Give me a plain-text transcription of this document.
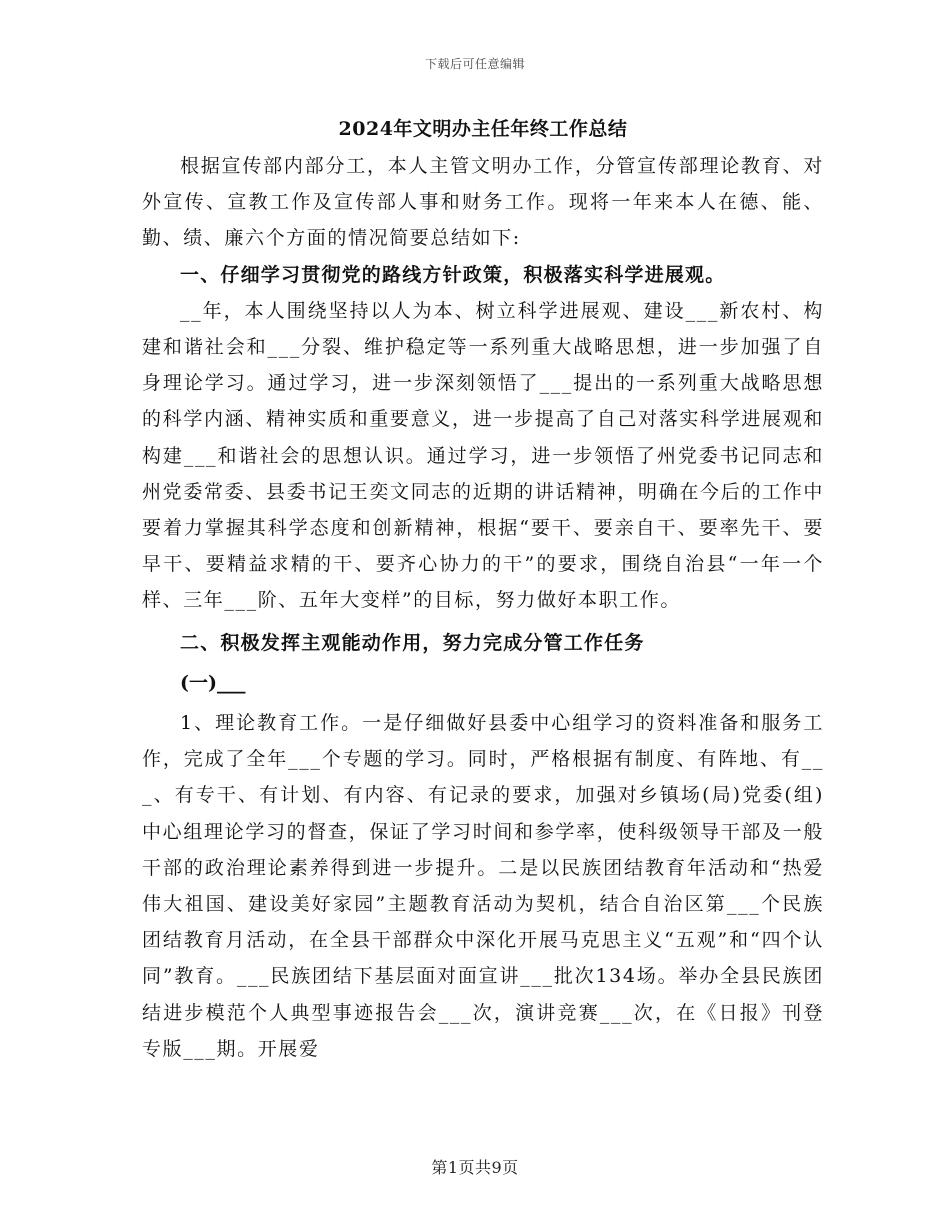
下载后可任意编辑
2024年文明办主任年终工作总结

根据宣传部内部分工，本人主管文明办工作，分管宣传部理论教育、对外宣传、宣教工作及宣传部人事和财务工作。现将一年来本人在德、能、勤、绩、廉六个方面的情况简要总结如下:

一、仔细学习贯彻党的路线方针政策，积极落实科学进展观。

__年，本人围绕坚持以人为本、树立科学进展观、建设___新农村、构建和谐社会和___分裂、维护稳定等一系列重大战略思想，进一步加强了自身理论学习。通过学习，进一步深刻领悟了___提出的一系列重大战略思想的科学内涵、精神实质和重要意义，进一步提高了自己对落实科学进展观和构建___和谐社会的思想认识。通过学习，进一步领悟了州党委书记同志和州党委常委、县委书记王奕文同志的近期的讲话精神，明确在今后的工作中要着力掌握其科学态度和创新精神，根据“要干、要亲自干、要率先干、要早干、要精益求精的干、要齐心协力的干”的要求，围绕自治县“一年一个样、三年___阶、五年大变样”的目标，努力做好本职工作。

二、积极发挥主观能动作用，努力完成分管工作任务

(一)___

1、理论教育工作。一是仔细做好县委中心组学习的资料准备和服务工作，完成了全年___个专题的学习。同时，严格根据有制度、有阵地、有___、有专干、有计划、有内容、有记录的要求，加强对乡镇场(局)党委(组)中心组理论学习的督查，保证了学习时间和参学率，使科级领导干部及一般干部的政治理论素养得到进一步提升。二是以民族团结教育年活动和“热爱伟大祖国、建设美好家园”主题教育活动为契机，结合自治区第___个民族团结教育月活动，在全县干部群众中深化开展马克思主义“五观”和“四个认同”教育。___民族团结下基层面对面宣讲___批次134场。举办全县民族团结进步模范个人典型事迹报告会___次，演讲竞赛___次，在《日报》刊登专版___期。开展爱

第1页共9页
